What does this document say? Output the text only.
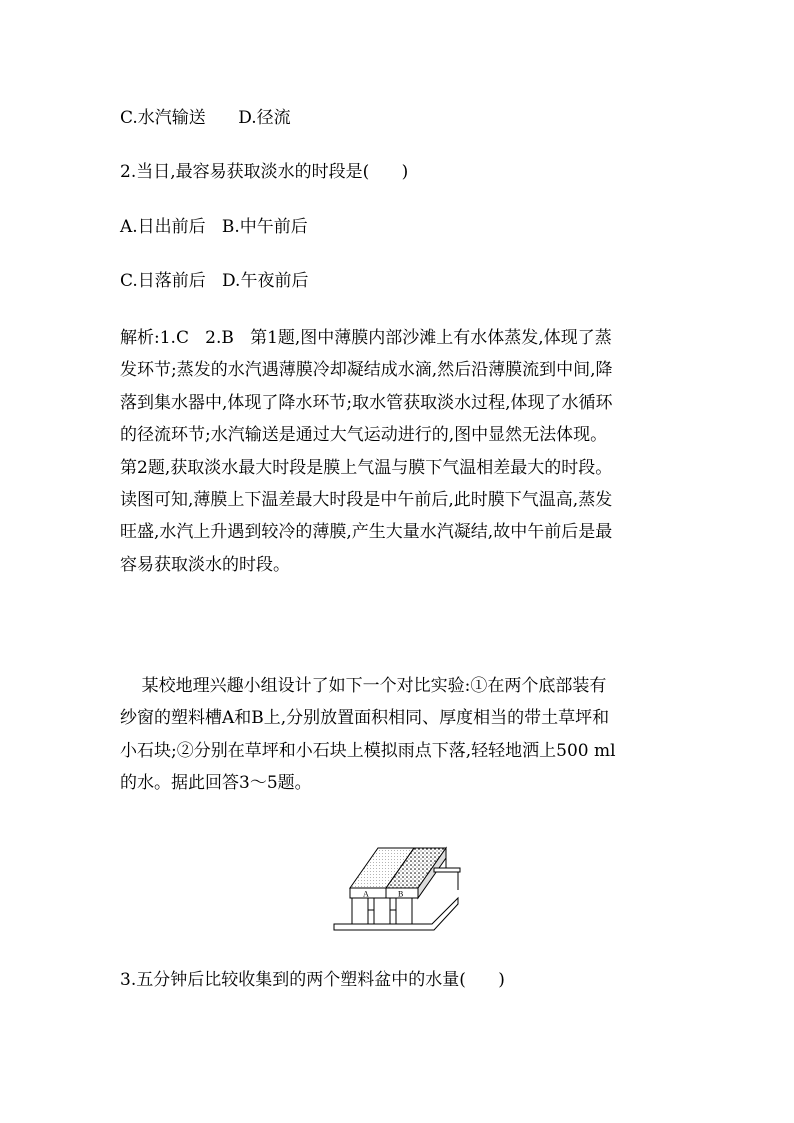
C.水汽输送      D.径流
2.当日,最容易获取淡水的时段是(      )
A.日出前后   B.中午前后
C.日落前后   D.午夜前后
解析:1.C   2.B   第1题,图中薄膜内部沙滩上有水体蒸发,体现了蒸
发环节;蒸发的水汽遇薄膜冷却凝结成水滴,然后沿薄膜流到中间,降
落到集水器中,体现了降水环节;取水管获取淡水过程,体现了水循环
的径流环节;水汽输送是通过大气运动进行的,图中显然无法体现。
第2题,获取淡水最大时段是膜上气温与膜下气温相差最大的时段。
读图可知,薄膜上下温差最大时段是中午前后,此时膜下气温高,蒸发
旺盛,水汽上升遇到较冷的薄膜,产生大量水汽凝结,故中午前后是最
容易获取淡水的时段。
某校地理兴趣小组设计了如下一个对比实验:①在两个底部装有
纱窗的塑料槽A和B上,分别放置面积相同、厚度相当的带土草坪和
小石块;②分别在草坪和小石块上模拟雨点下落,轻轻地洒上500 ml
的水。据此回答3～5题。
A	B
3.五分钟后比较收集到的两个塑料盆中的水量(      )
